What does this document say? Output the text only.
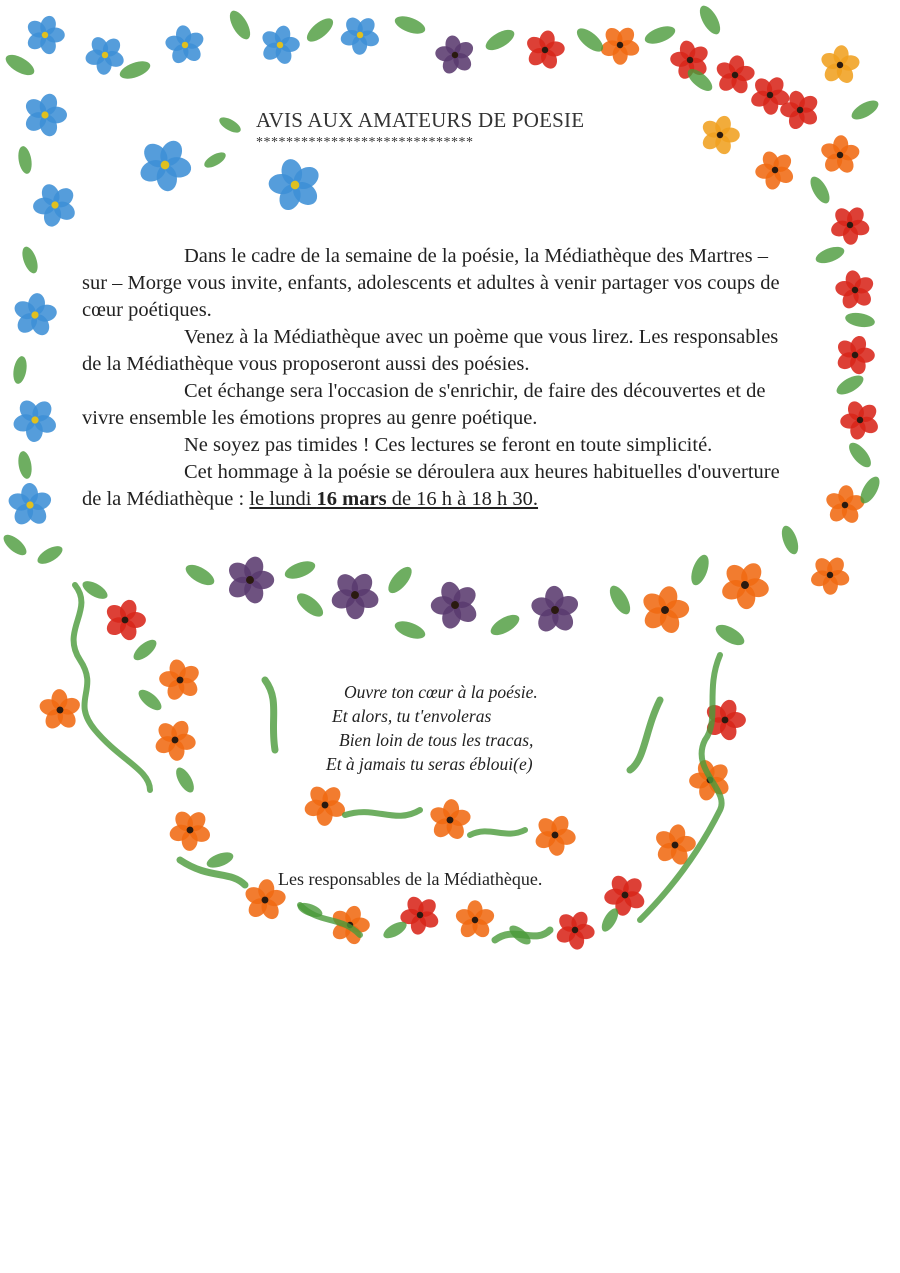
AVIS AUX AMATEURS DE POESIE
*****************************

Dans le cadre de la semaine de la poésie, la Médiathèque des Martres – sur – Morge vous invite, enfants, adolescents et adultes à venir partager vos coups de cœur poétiques.

Venez à la Médiathèque avec un poème que vous lirez. Les responsables de la Médiathèque vous proposeront aussi des poésies.

Cet échange sera l'occasion de s'enrichir, de faire des découvertes et de vivre ensemble les émotions propres au genre poétique.

Ne soyez pas timides ! Ces lectures se feront en toute simplicité.

Cet hommage à la poésie se déroulera aux heures habituelles d'ouverture de la Médiathèque : le lundi 16 mars de 16 h à 18 h 30.

Ouvre ton cœur à la poésie.
Et alors, tu t'envoleras
Bien loin de tous les tracas,
Et à jamais tu seras ébloui(e)
Les responsables de la Médiathèque.
